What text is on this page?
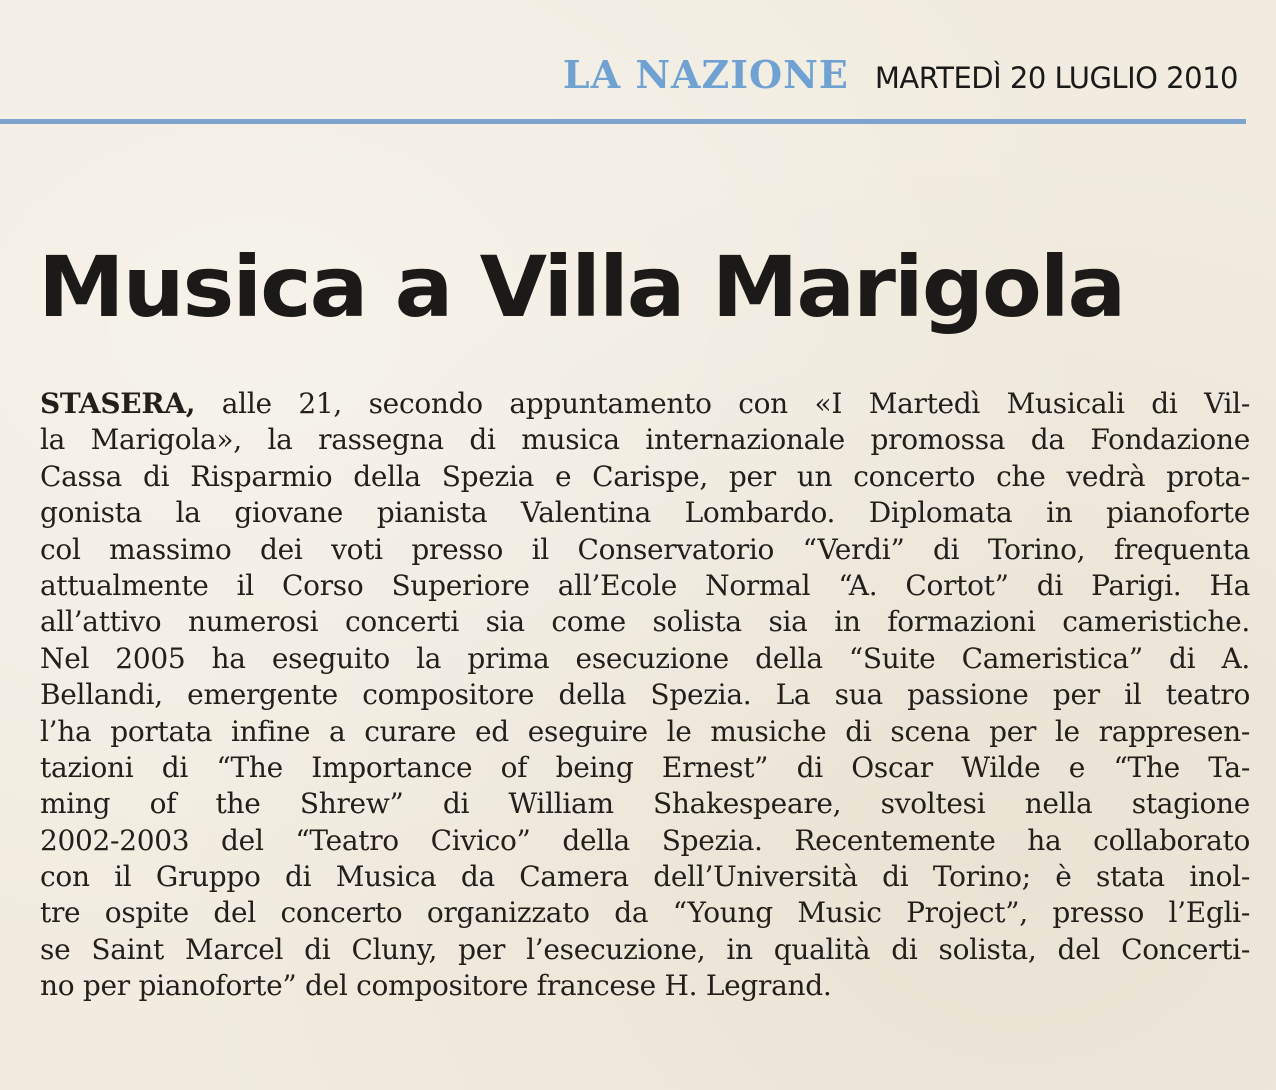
LA NAZIONE MARTEDÌ 20 LUGLIO 2010
Musica a Villa Marigola
STASERA, alle 21, secondo appuntamento con «I Martedì Musicali di Vil-
la Marigola», la rassegna di musica internazionale promossa da Fondazione
Cassa di Risparmio della Spezia e Carispe, per un concerto che vedrà prota-
gonista la giovane pianista Valentina Lombardo. Diplomata in pianoforte
col massimo dei voti presso il Conservatorio “Verdi” di Torino, frequenta
attualmente il Corso Superiore all’Ecole Normal “A. Cortot” di Parigi. Ha
all’attivo numerosi concerti sia come solista sia in formazioni cameristiche.
Nel 2005 ha eseguito la prima esecuzione della “Suite Cameristica” di A.
Bellandi, emergente compositore della Spezia. La sua passione per il teatro
l’ha portata infine a curare ed eseguire le musiche di scena per le rappresen-
tazioni di “The Importance of being Ernest” di Oscar Wilde e “The Ta-
ming of the Shrew” di William Shakespeare, svoltesi nella stagione
2002-2003 del “Teatro Civico” della Spezia. Recentemente ha collaborato
con il Gruppo di Musica da Camera dell’Università di Torino; è stata inol-
tre ospite del concerto organizzato da “Young Music Project”, presso l’Egli-
se Saint Marcel di Cluny, per l’esecuzione, in qualità di solista, del Concerti-
no per pianoforte” del compositore francese H. Legrand.
